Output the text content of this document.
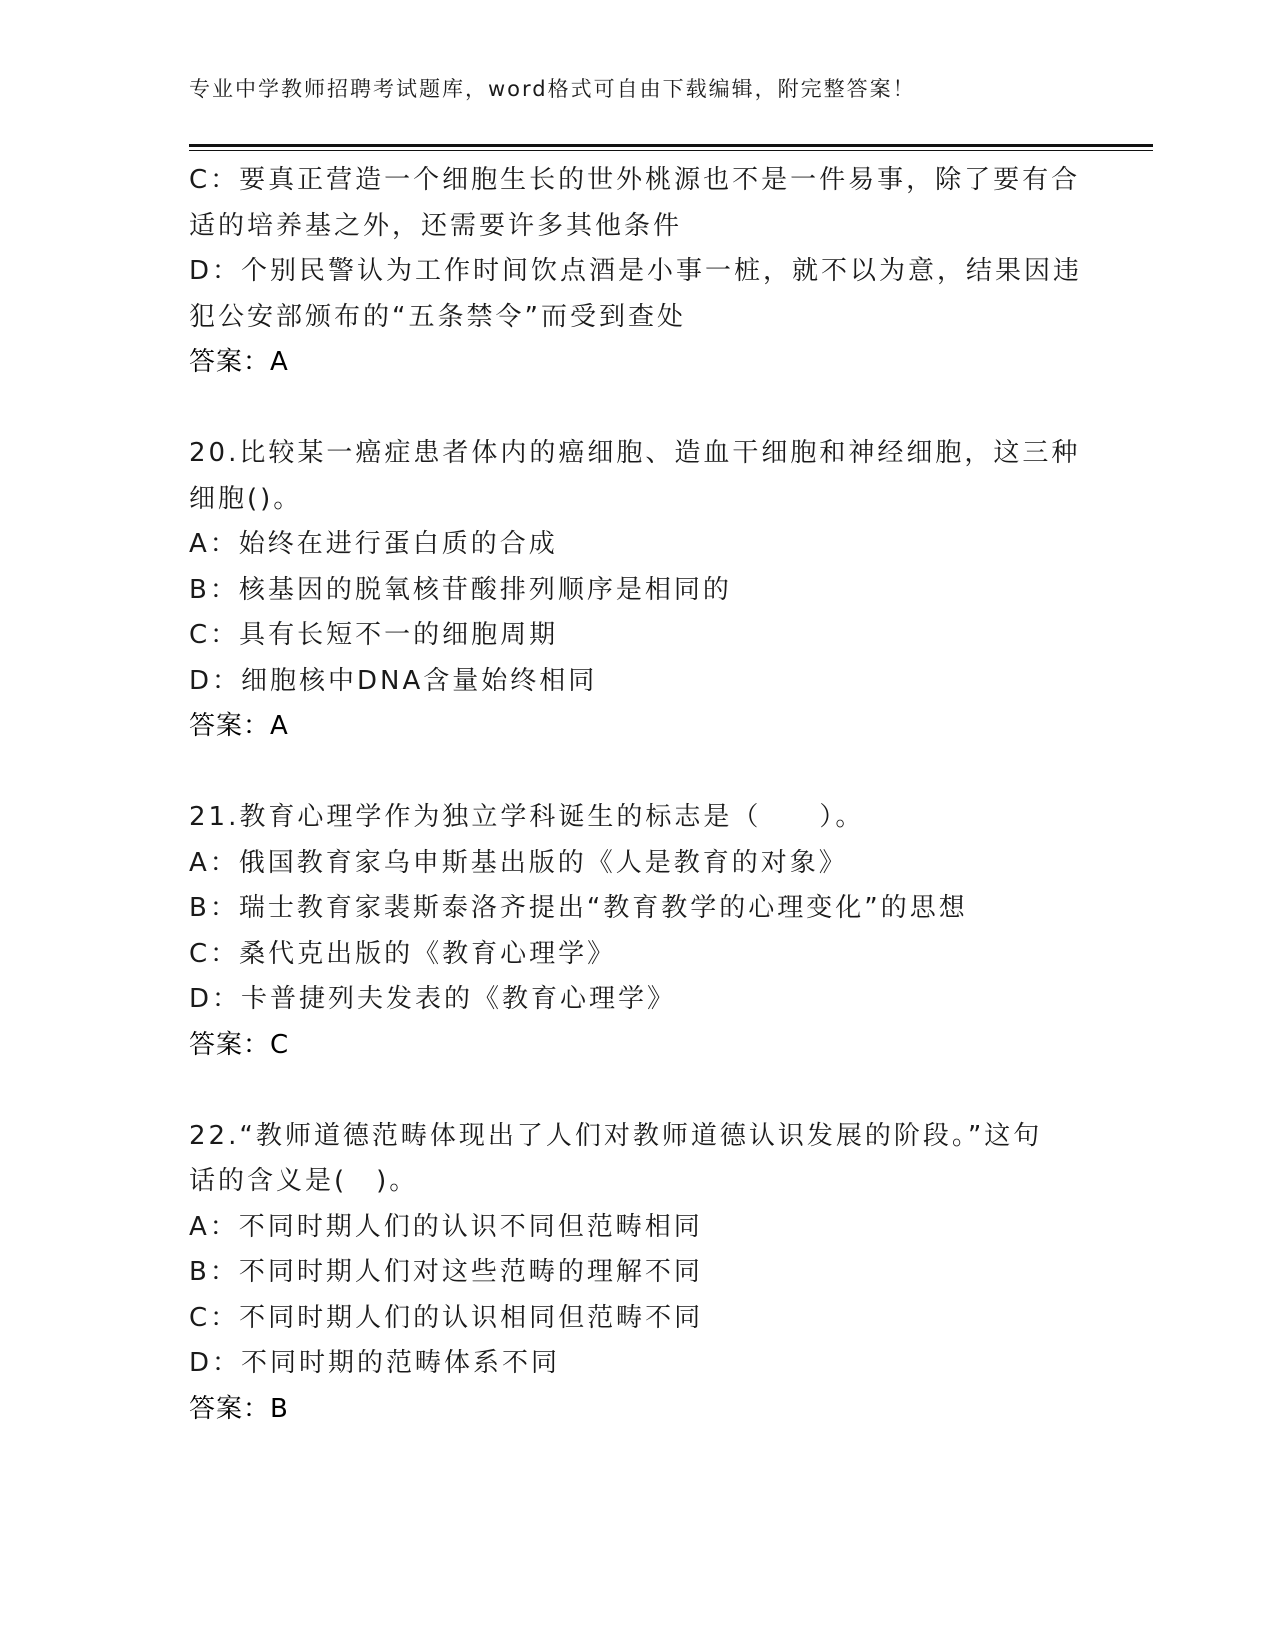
专业中学教师招聘考试题库，word格式可自由下载编辑，附完整答案！
C：要真正营造一个细胞生长的世外桃源也不是一件易事，除了要有合
适的培养基之外，还需要许多其他条件
D：个别民警认为工作时间饮点酒是小事一桩，就不以为意，结果因违
犯公安部颁布的“五条禁令”而受到查处
答案：A
20.比较某一癌症患者体内的癌细胞、造血干细胞和神经细胞，这三种
细胞()。
A：始终在进行蛋白质的合成
B：核基因的脱氧核苷酸排列顺序是相同的
C：具有长短不一的细胞周期
D：细胞核中DNA含量始终相同
答案：A
21.教育心理学作为独立学科诞生的标志是（　　）。
A：俄国教育家乌申斯基出版的《人是教育的对象》
B：瑞士教育家裴斯泰洛齐提出“教育教学的心理变化”的思想
C：桑代克出版的《教育心理学》
D：卡普捷列夫发表的《教育心理学》
答案：C
22.“教师道德范畴体现出了人们对教师道德认识发展的阶段。”这句
话的含义是(　)。
A：不同时期人们的认识不同但范畴相同
B：不同时期人们对这些范畴的理解不同
C：不同时期人们的认识相同但范畴不同
D：不同时期的范畴体系不同
答案：B
